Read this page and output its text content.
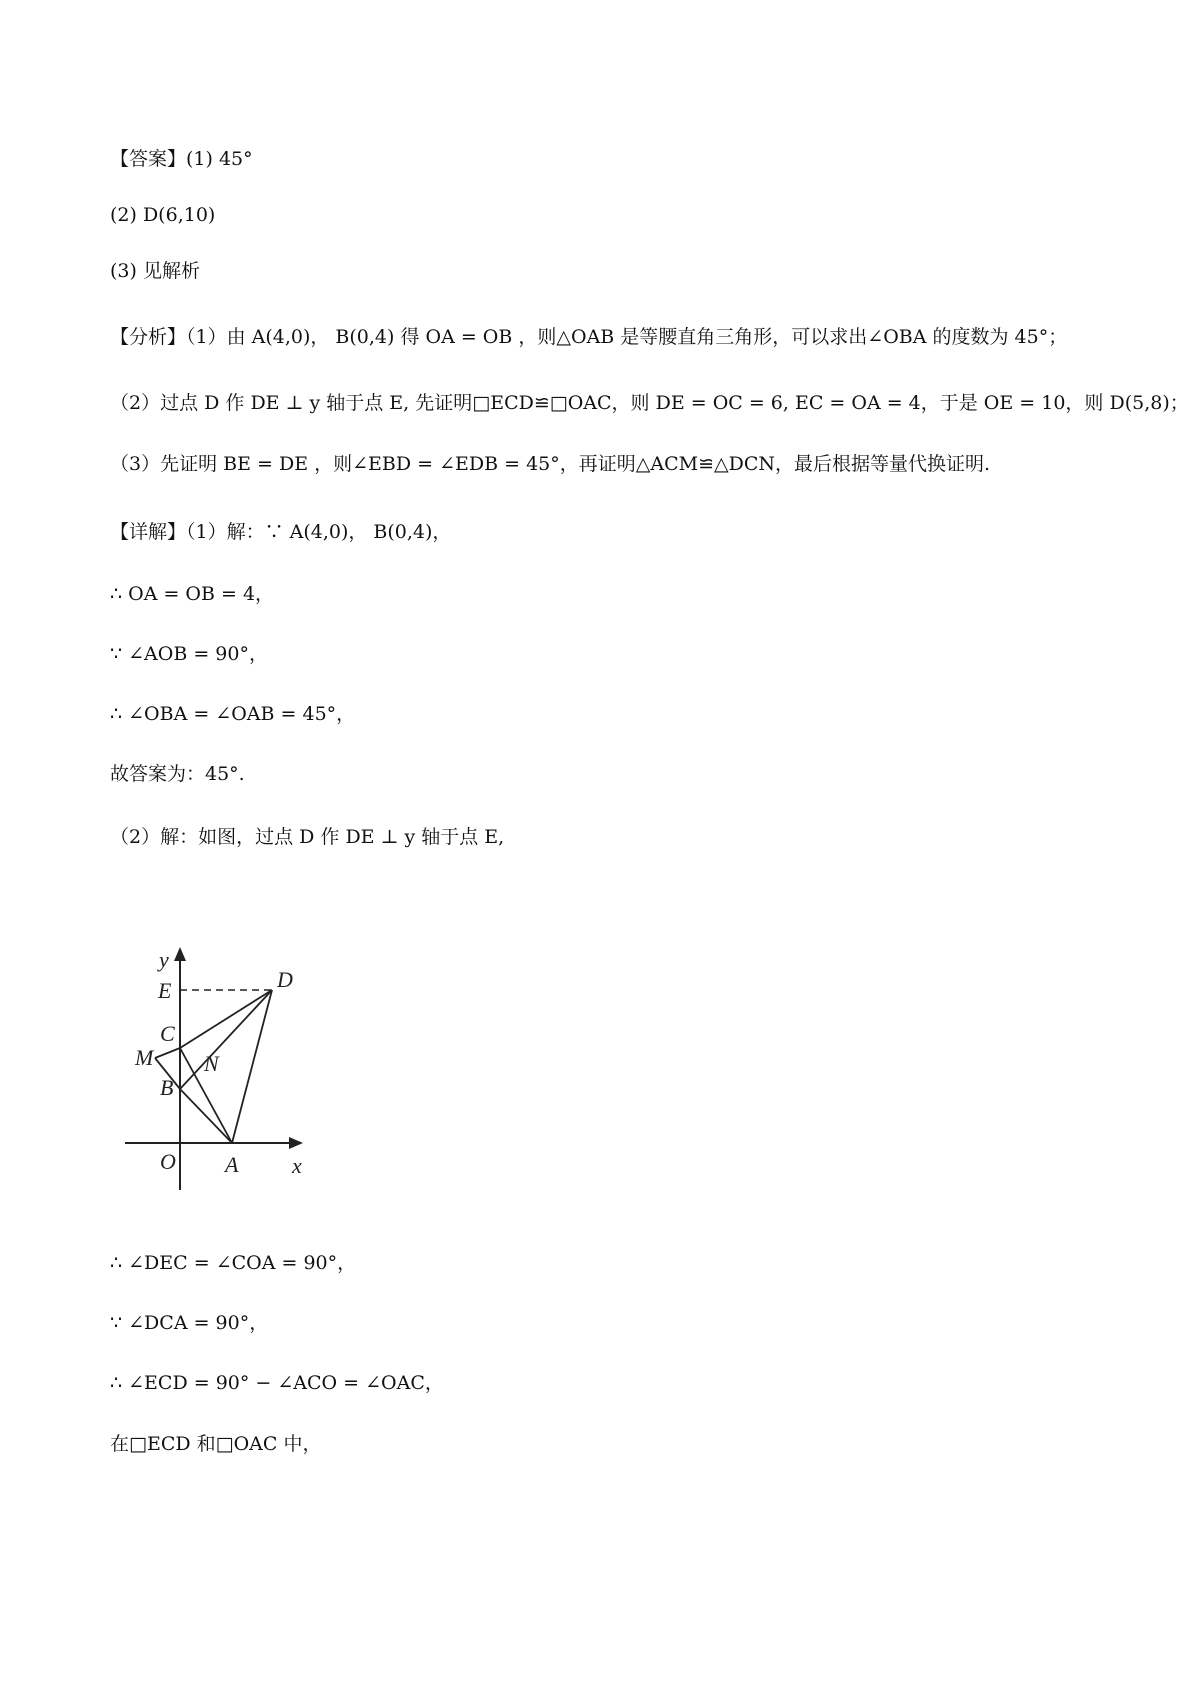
【答案】(1) 45°
(2) D(6,10)
(3) 见解析
【分析】（1）由 A(4,0)， B(0,4) 得 OA = OB ，则△OAB 是等腰直角三角形，可以求出∠OBA 的度数为 45°；
（2）过点 D 作 DE ⊥ y 轴于点 E, 先证明□ECD≌□OAC，则 DE = OC = 6, EC = OA = 4，于是 OE = 10，则 D(5,8)；
（3）先证明 BE = DE ，则∠EBD = ∠EDB = 45°，再证明△ACM≌△DCN，最后根据等量代换证明.
【详解】（1）解：∵ A(4,0)， B(0,4)，
∴ OA = OB = 4，
∵ ∠AOB = 90°，
∴ ∠OBA = ∠OAB = 45°，
故答案为：45°.
（2）解：如图，过点 D 作 DE ⊥ y 轴于点 E,
y
E	D
C
M N
B
O A x
∴ ∠DEC = ∠COA = 90°，
∵ ∠DCA = 90°，
∴ ∠ECD = 90° − ∠ACO = ∠OAC，
在□ECD 和□OAC 中，
